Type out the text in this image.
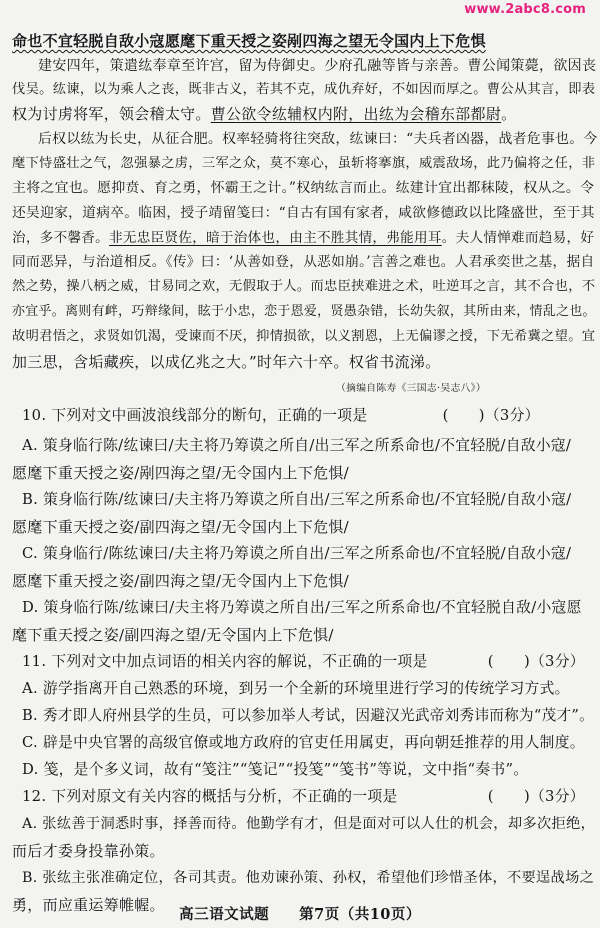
www.2abc8.com
命也不宜轻脱自敌小寇愿麾下重天授之姿剐四海之望无令国内上下危惧
建安四年，策遣纮奉章至许宫，留为侍御史。少府孔融等皆与亲善。曹公闻策薨，欲因丧
伐吴。纮谏，以为乘人之丧，既非古义，若其不克，成仇弃好，不如因而厚之。曹公从其言，即表
权为讨虏将军，领会稽太守。曹公欲令纮辅权内附，出纮为会稽东部都尉。
后权以纮为长史，从征合肥。权率轻骑将往突敌，纮谏曰：“夫兵者凶器，战者危事也。今
麾下恃盛壮之气，忽强暴之虏，三军之众，莫不寒心，虽斩将搴旗，威震敌场，此乃偏将之任，非
主将之宜也。愿抑贲、育之勇，怀霸王之计。”权纳纮言而止。纮建计宜出都秣陵，权从之。令
还吴迎家，道病卒。临困，授子靖留笺曰：“自古有国有家者，咸欲修德政以比隆盛世，至于其
治，多不馨香。非无忠臣贤佐，暗于治体也，由主不胜其情，弗能用耳。夫人情惮难而趋易，好
同而恶异，与治道相反。《传》曰：‘从善如登，从恶如崩。’言善之难也。人君承奕世之基，据自
然之势，操八柄之威，甘易同之欢，无假取于人。而忠臣挟难进之术，吐逆耳之言，其不合也，不
亦宜乎。离则有衅，巧辩缘间，眩于小忠，恋于恩爱，贤愚杂错，长幼失叙，其所由来，情乱之也。
故明君悟之，求贤如饥渴，受谏而不厌，抑情损欲，以义割恩，上无偏谬之授，下无希冀之望。宜
加三思，含垢藏疾，以成亿兆之大。”时年六十卒。权省书流涕。
（摘编自陈寿《三国志·吴志八》）
10. 下列对文中画波浪线部分的断句，正确的一项是　　　　　(　　)（3分）
A. 策身临行陈/纮谏曰/夫主将乃筹谟之所自/出三军之所系命也/不宜轻脱/自敌小寇/
愿麾下重天授之姿/剐四海之望/无令国内上下危惧/
B. 策身临行陈/纮谏曰/夫主将乃筹谟之所自出/三军之所系命也/不宜轻脱/自敌小寇/
愿麾下重天授之姿/副四海之望/无令国内上下危惧/
C. 策身临行/陈纮谏曰/夫主将乃筹谟之所自出/三军之所系命也/不宜轻脱/自敌小寇/
愿麾下重天授之姿/副四海之望/无令国内上下危惧/
D. 策身临行陈/纮谏曰/夫主将乃筹谟之所自出/三军之所系命也/不宜轻脱自敌/小寇愿
麾下重天授之姿/副四海之望/无令国内上下危惧/
11. 下列对文中加点词语的相关内容的解说，不正确的一项是　　　　(　　)（3分）
A. 游学指离开自己熟悉的环境，到另一个全新的环境里进行学习的传统学习方式。
B. 秀才即人府州县学的生员，可以参加举人考试，因避汉光武帝刘秀讳而称为“茂才”。
C. 辟是中央官署的高级官僚或地方政府的官吏任用属吏，再向朝廷推荐的用人制度。
D. 笺，是个多义词，故有“笺注”“笺记”“投笺”“笺书”等说，文中指“奏书”。
12. 下列对原文有关内容的概括与分析，不正确的一项是　　　　　　(　　)（3分）
A. 张纮善于洞悉时事，择善而待。他勤学有才，但是面对可以人仕的机会，却多次拒绝，
而后才委身投靠孙策。
B. 张纮主张准确定位，各司其责。他劝谏孙策、孙权，希望他们珍惜圣体，不要逞战场之
勇，而应重运筹帷幄。
高三语文试题　　第7页（共10页）
